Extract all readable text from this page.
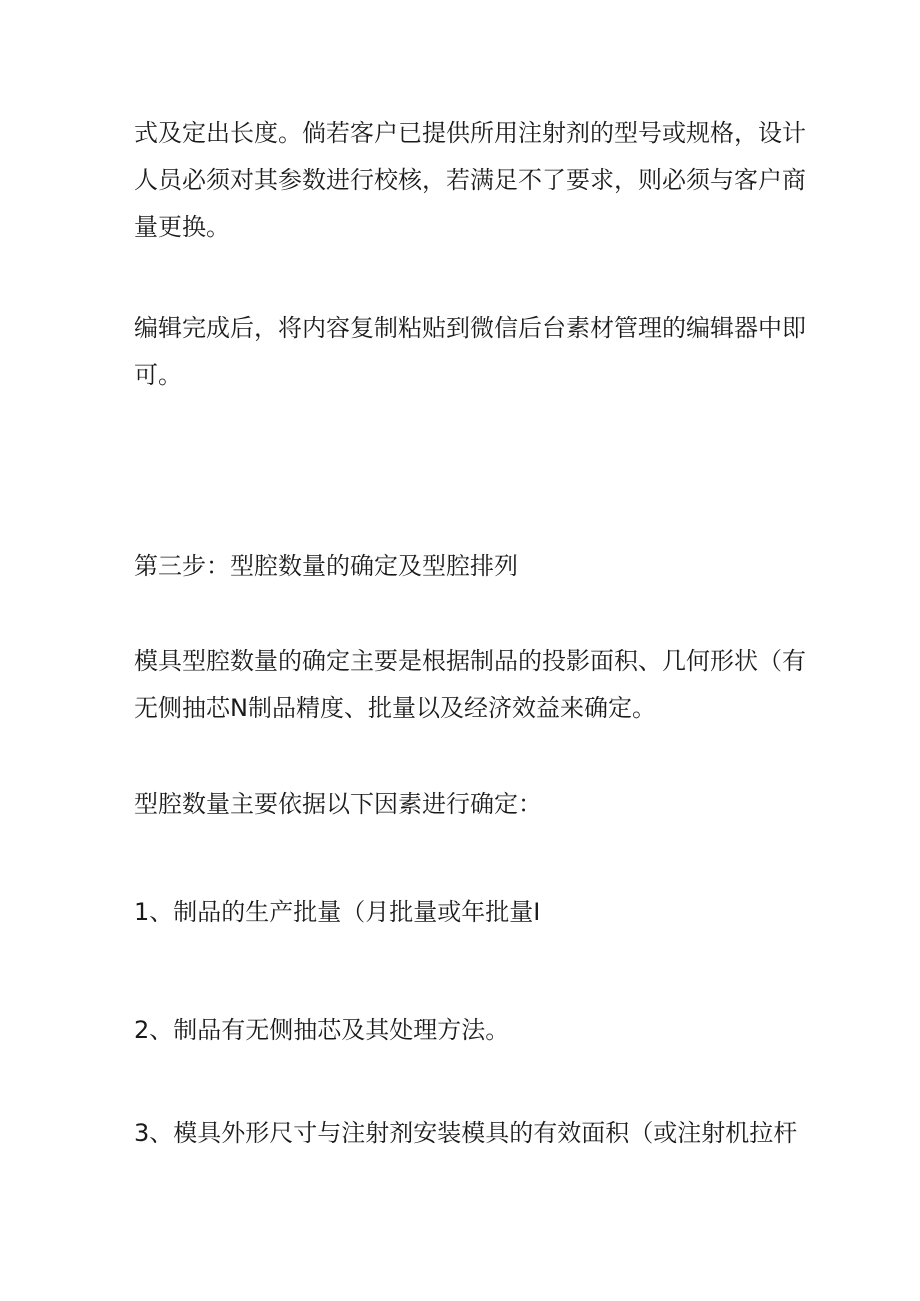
式及定出长度。倘若客户已提供所用注射剂的型号或规格，设计
人员必须对其参数进行校核，若满足不了要求，则必须与客户商
量更换。
编辑完成后，将内容复制粘贴到微信后台素材管理的编辑器中即
可。
第三步：型腔数量的确定及型腔排列
模具型腔数量的确定主要是根据制品的投影面积、几何形状（有
无侧抽芯N制品精度、批量以及经济效益来确定。
型腔数量主要依据以下因素进行确定：
1、制品的生产批量（月批量或年批量I
2、制品有无侧抽芯及其处理方法。
3、模具外形尺寸与注射剂安装模具的有效面积（或注射机拉杆
